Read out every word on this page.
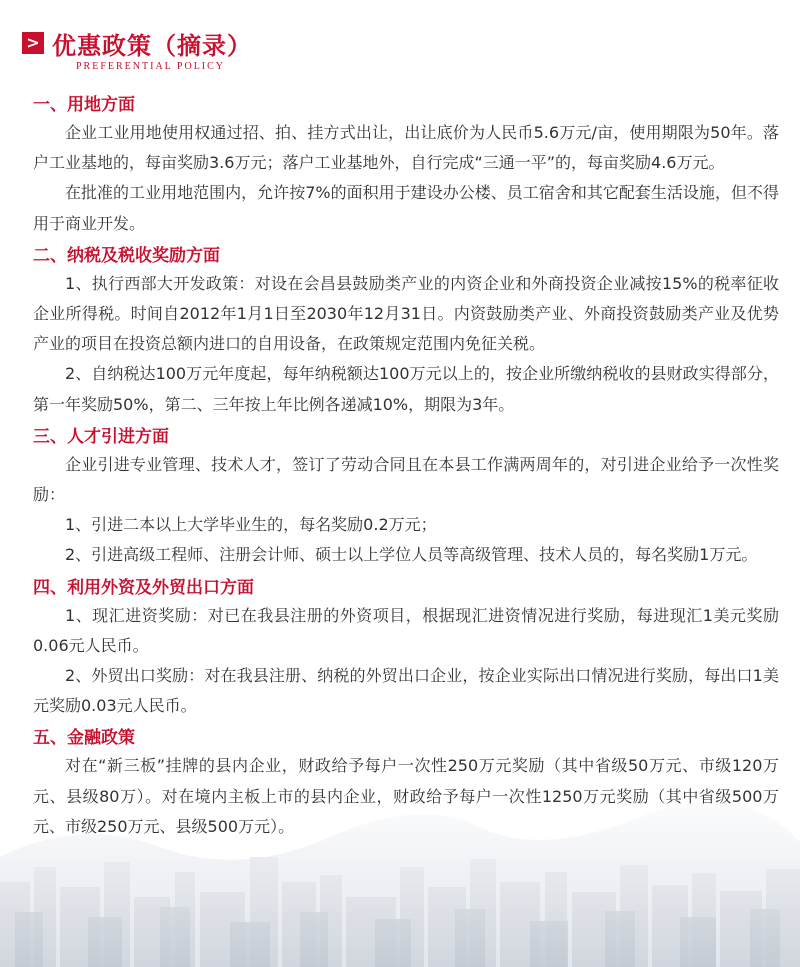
> 优惠政策（摘录）
PREFERENTIAL POLICY
一、用地方面

企业工业用地使用权通过招、拍、挂方式出让，出让底价为人民币5.6万元/亩，使用期限为50年。落户工业基地的，每亩奖励3.6万元；落户工业基地外，自行完成“三通一平”的，每亩奖励4.6万元。

在批准的工业用地范围内，允许按7%的面积用于建设办公楼、员工宿舍和其它配套生活设施，但不得用于商业开发。

二、纳税及税收奖励方面

1、执行西部大开发政策：对设在会昌县鼓励类产业的内资企业和外商投资企业减按15%的税率征收企业所得税。时间自2012年1月1日至2030年12月31日。内资鼓励类产业、外商投资鼓励类产业及优势产业的项目在投资总额内进口的自用设备，在政策规定范围内免征关税。

2、自纳税达100万元年度起，每年纳税额达100万元以上的，按企业所缴纳税收的县财政实得部分，第一年奖励50%，第二、三年按上年比例各递减10%，期限为3年。

三、人才引进方面

企业引进专业管理、技术人才，签订了劳动合同且在本县工作满两周年的，对引进企业给予一次性奖励：

1、引进二本以上大学毕业生的，每名奖励0.2万元；

2、引进高级工程师、注册会计师、硕士以上学位人员等高级管理、技术人员的，每名奖励1万元。

四、利用外资及外贸出口方面

1、现汇进资奖励：对已在我县注册的外资项目，根据现汇进资情况进行奖励，每进现汇1美元奖励0.06元人民币。

2、外贸出口奖励：对在我县注册、纳税的外贸出口企业，按企业实际出口情况进行奖励，每出口1美元奖励0.03元人民币。

五、金融政策

对在“新三板”挂牌的县内企业，财政给予每户一次性250万元奖励（其中省级50万元、市级120万元、县级80万）。对在境内主板上市的县内企业，财政给予每户一次性1250万元奖励（其中省级500万元、市级250万元、县级500万元）。
